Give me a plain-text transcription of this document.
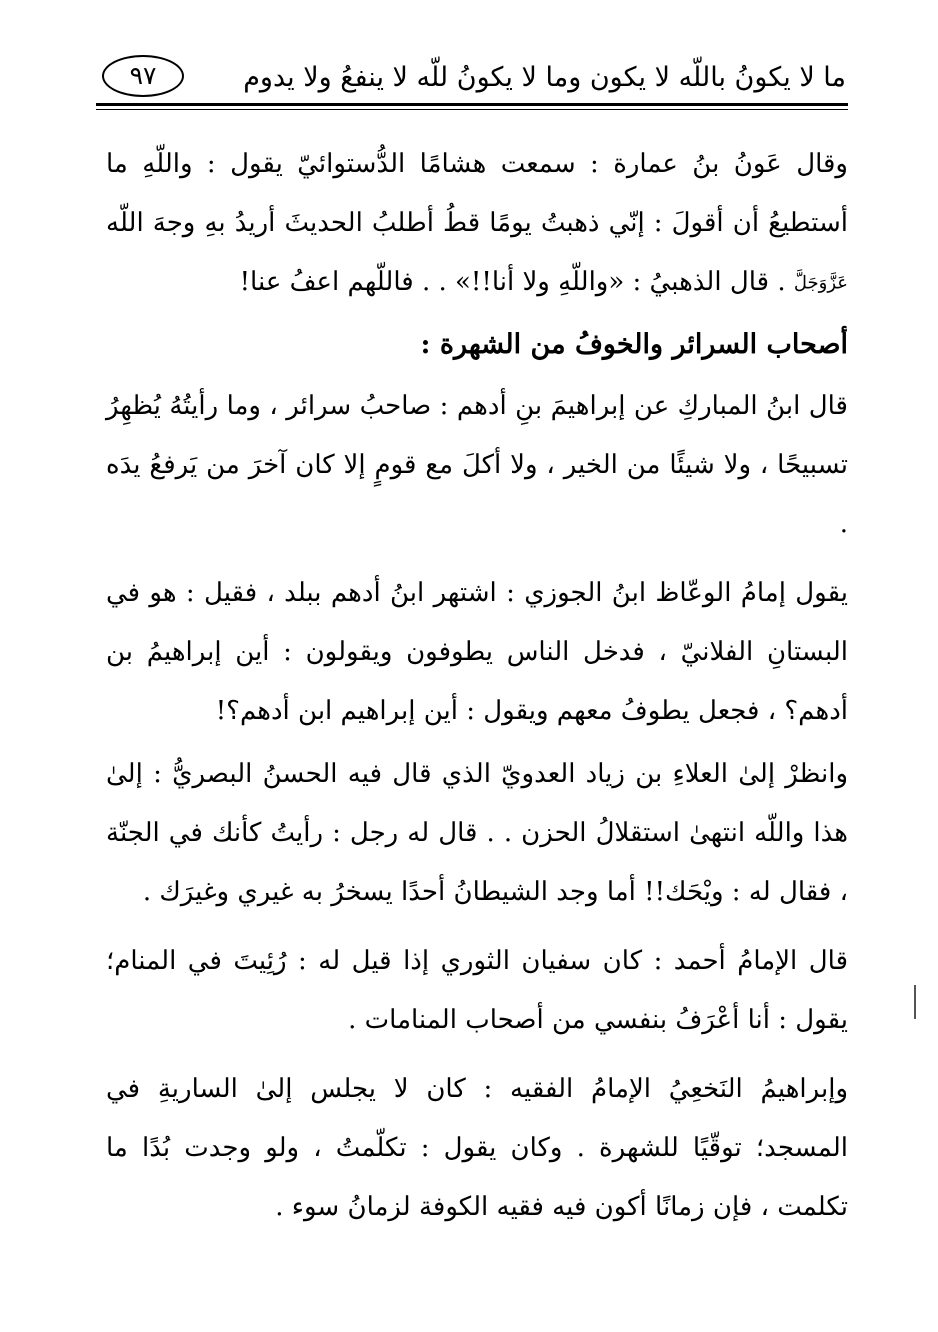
ما لا يكونُ باللّه لا يكون وما لا يكونُ للّه لا ينفعُ ولا يدوم
٩٧

وقال عَونُ بنُ عمارة : سمعت هشامًا الدُّستوائيّ يقول : واللّهِ ما أستطيعُ أن أقولَ : إنّي ذهبتُ يومًا قطُ أطلبُ الحديثَ أريدُ بهِ وجهَ اللّه عَزَّوَجَلَّ . قال الذهبيُ : «واللّهِ ولا أنا!!» . . فاللّهم اعفُ عنا!

أصحاب السرائر والخوفُ من الشهرة :

قال ابنُ المباركِ عن إبراهيمَ بنِ أدهم : صاحبُ سرائر ، وما رأيتُهُ يُظهِرُ تسبيحًا ، ولا شيئًا من الخير ، ولا أكلَ مع قومٍ إلا كان آخرَ من يَرفعُ يدَه .

يقول إمامُ الوعّاظ ابنُ الجوزي : اشتهر ابنُ أدهم ببلد ، فقيل : هو في البستانِ الفلانيّ ، فدخل الناس يطوفون ويقولون : أين إبراهيمُ بن أدهم؟ ، فجعل يطوفُ معهم ويقول : أين إبراهيم ابن أدهم؟!

وانظرْ إلىٰ العلاءِ بن زياد العدويّ الذي قال فيه الحسنُ البصريُّ : إلىٰ هذا واللّه انتهىٰ استقلالُ الحزن . . قال له رجل : رأيتُ كأنك في الجنّة ، فقال له : ويْحَك!! أما وجد الشيطانُ أحدًا يسخرُ به غيري وغيرَك .

قال الإمامُ أحمد : كان سفيان الثوري إذا قيل له : رُئِيتَ في المنام؛ يقول : أنا أعْرَفُ بنفسي من أصحاب المنامات .

وإبراهيمُ النَخعِيُ الإمامُ الفقيه : كان لا يجلس إلىٰ الساريةِ في المسجد؛ توقّيًا للشهرة . وكان يقول : تكلّمتُ ، ولو وجدت بُدًا ما تكلمت ، فإن زمانًا أكون فيه فقيه الكوفة لزمانُ سوء .
